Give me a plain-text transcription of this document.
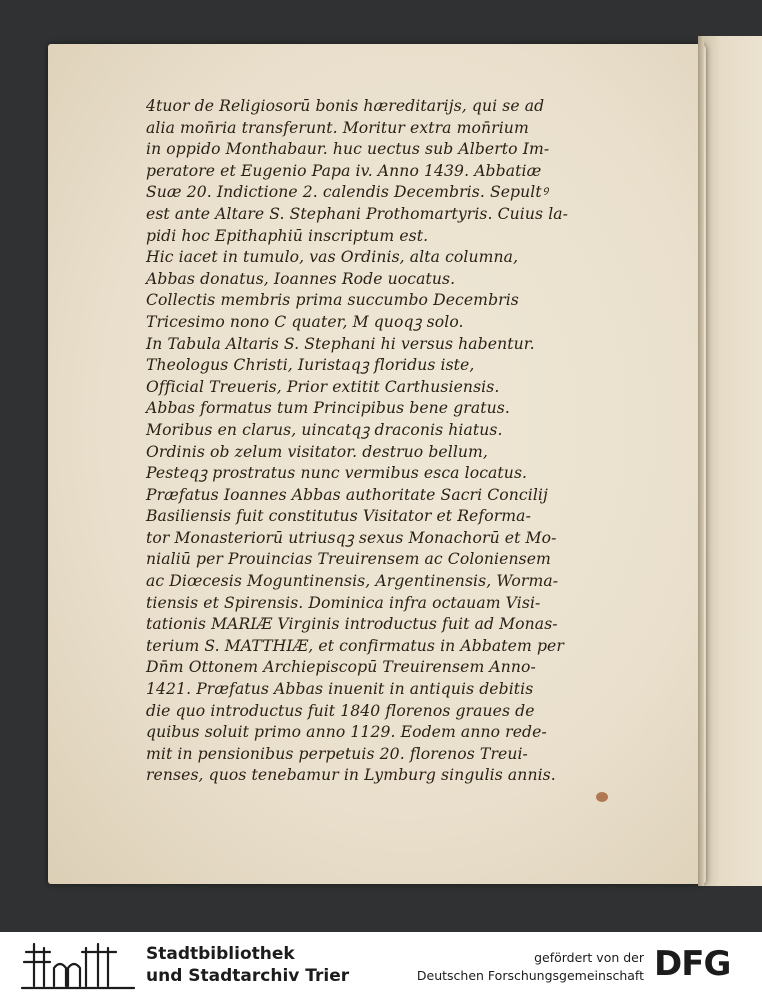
4tuor de Religiosorū bonis hæreditarijs, qui se ad
alia mon̄ria transferunt. Moritur extra mon̄rium
in oppido Monthabaur. huc uectus sub Alberto Im-
peratore et Eugenio Papa iv. Anno 1439. Abbatiæ
Suæ 20. Indictione 2. calendis Decembris. Sepultꝰ
est ante Altare S. Stephani Prothomartyris. Cuius la-
pidi hoc Epithaphiū inscriptum est.
Hic iacet in tumulo, vas Ordinis, alta columna,
Abbas donatus, Ioannes Rode uocatus.
Collectis membris prima succumbo Decembris
Tricesimo nono C quater, M quoqꝫ solo.
In Tabula Altaris S. Stephani hi versus habentur.
Theologus Christi, Iuristaqꝫ floridus iste,
Official Treueris, Prior extitit Carthusiensis.
Abbas formatus tum Principibus bene gratus.
Moribus en clarus, uincatqꝫ draconis hiatus.
Ordinis ob zelum visitator. destruo bellum,
Pesteqꝫ prostratus nunc vermibus esca locatus.
Præfatus Ioannes Abbas authoritate Sacri Concilij
Basiliensis fuit constitutus Visitator et Reforma-
tor Monasteriorū utriusqꝫ sexus Monachorū et Mo-
nialiū per Prouincias Treuirensem ac Coloniensem
ac Diœcesis Moguntinensis, Argentinensis, Worma-
tiensis et Spirensis. Dominica infra octauam Visi-
tationis MARIÆ Virginis introductus fuit ad Monas-
terium S. MATTHIÆ, et confirmatus in Abbatem per
Dn̄m Ottonem Archiepiscopū Treuirensem Anno-
1421. Præfatus Abbas inuenit in antiquis debitis
die quo introductus fuit 1840 florenos graues de
quibus soluit primo anno 1129. Eodem anno rede-
mit in pensionibus perpetuis 20. florenos Treui-
renses, quos tenebamur in Lymburg singulis annis.
Stadtbibliothek
und Stadtarchiv Trier
gefördert von der
Deutschen Forschungsgemeinschaft DFG
